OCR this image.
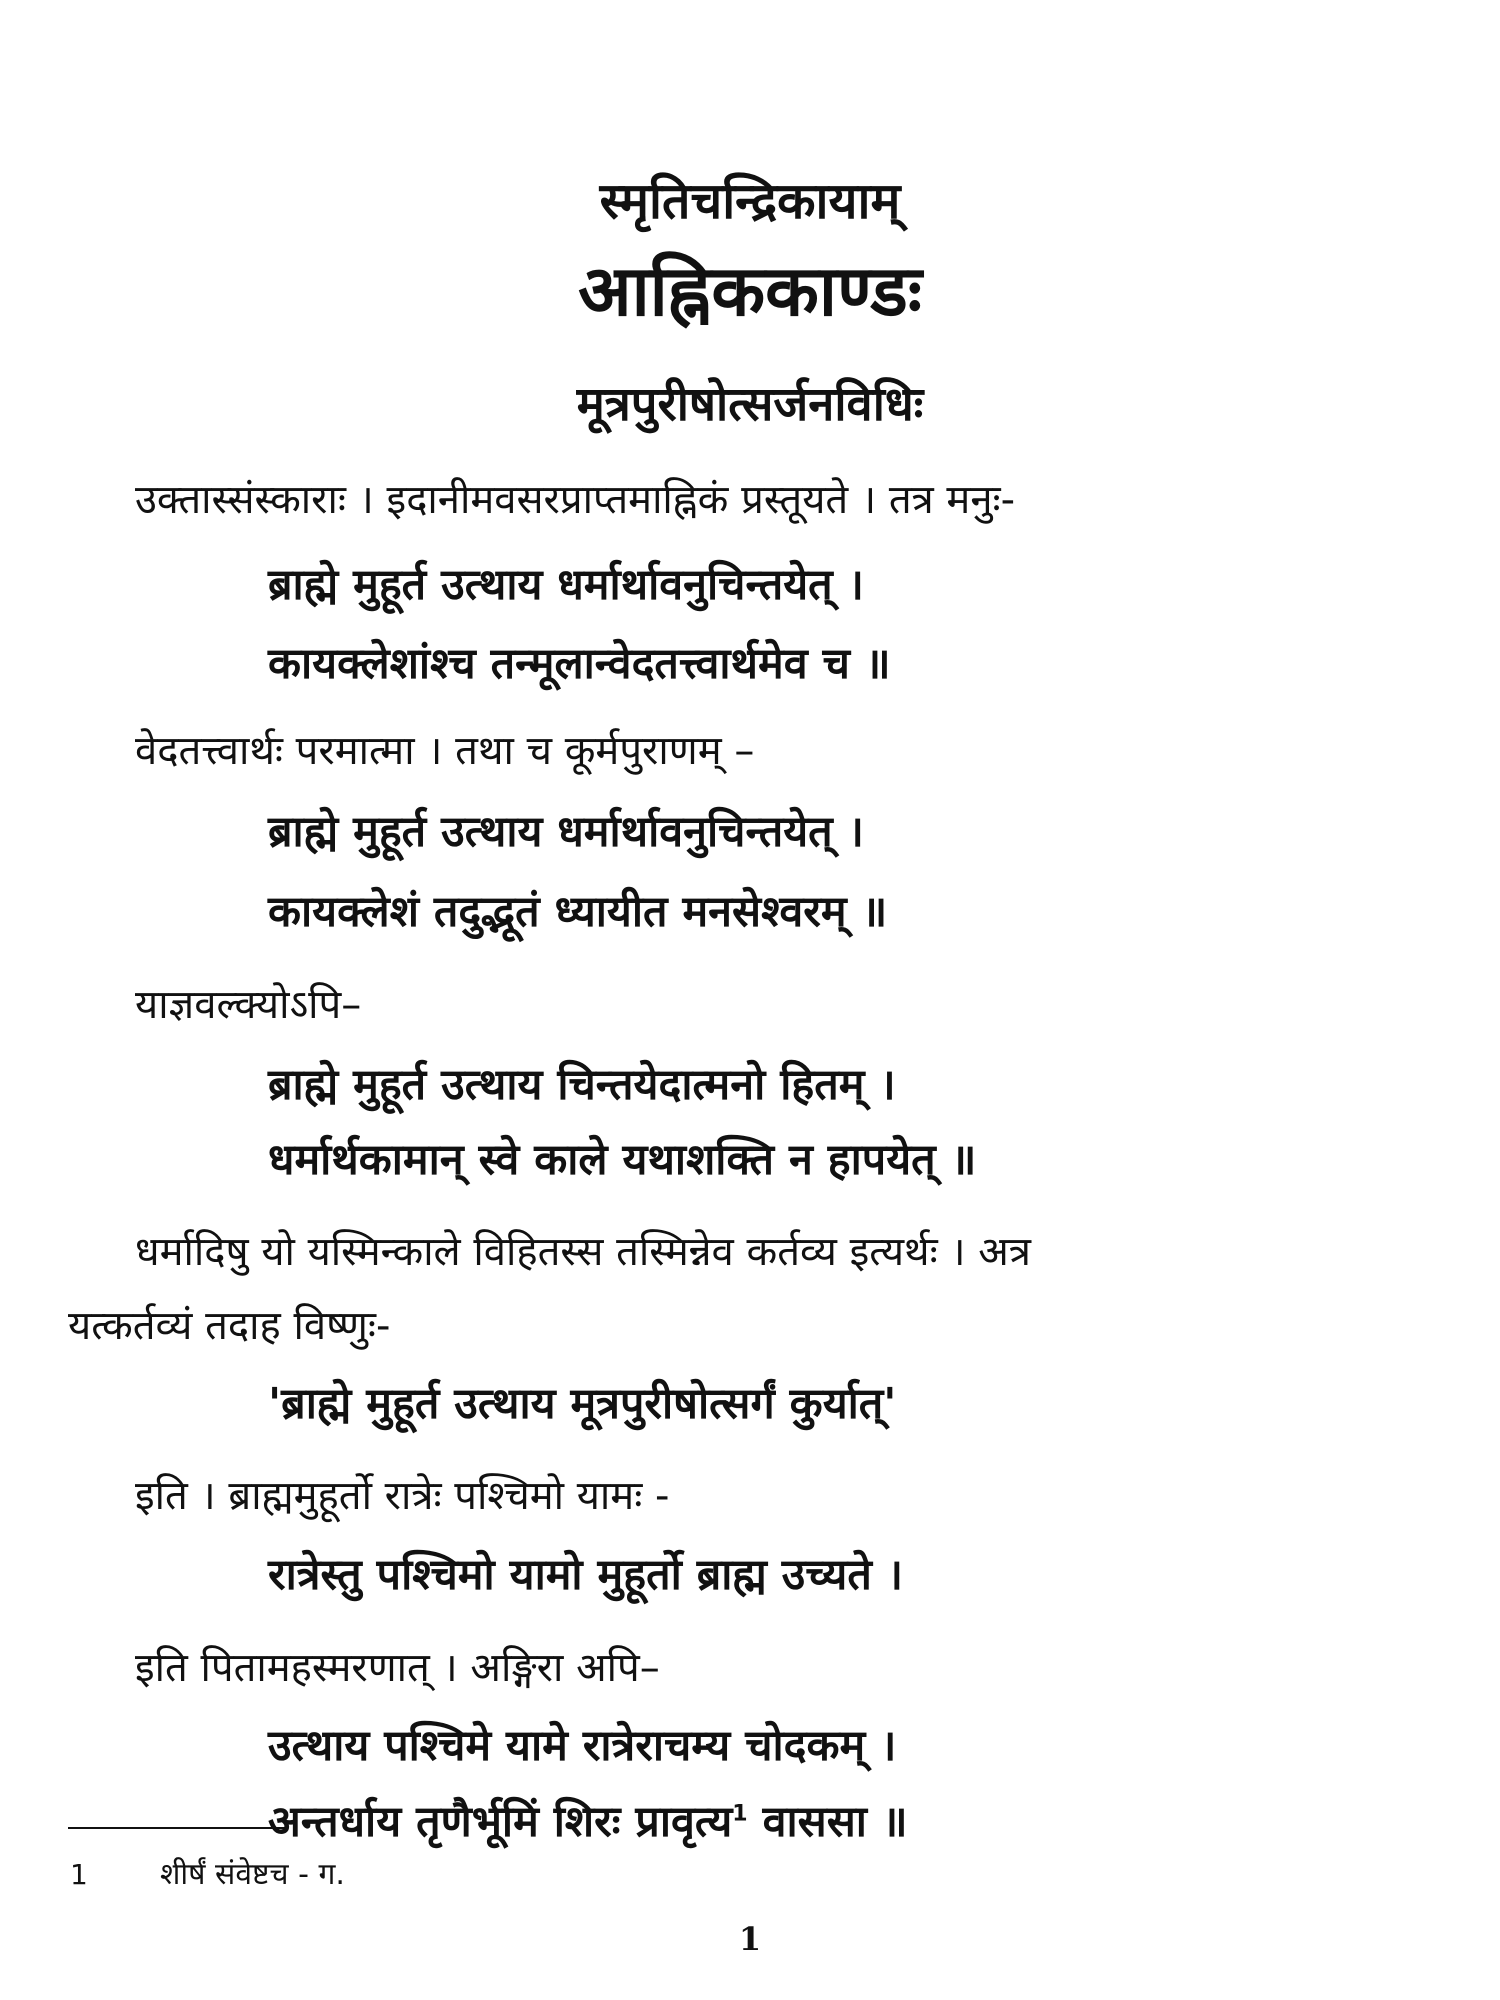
स्मृतिचन्द्रिकायाम्
आह्निककाण्डः
मूत्रपुरीषोत्सर्जनविधिः
उक्तास्संस्काराः । इदानीमवसरप्राप्तमाह्निकं प्रस्तूयते । तत्र मनुः-
ब्राह्मे मुहूर्त उत्थाय धर्मार्थावनुचिन्तयेत् ।
कायक्लेशांश्च तन्मूलान्वेदतत्त्वार्थमेव च ॥
वेदतत्त्वार्थः परमात्मा । तथा च कूर्मपुराणम् –
ब्राह्मे मुहूर्त उत्थाय धर्मार्थावनुचिन्तयेत् ।
कायक्लेशं तदुद्भूतं ध्यायीत मनसेश्वरम् ॥
याज्ञवल्क्योऽपि–
ब्राह्मे मुहूर्त उत्थाय चिन्तयेदात्मनो हितम् ।
धर्मार्थकामान् स्वे काले यथाशक्ति न हापयेत् ॥
धर्मादिषु यो यस्मिन्काले विहितस्स तस्मिन्नेव कर्तव्य इत्यर्थः । अत्र
यत्कर्तव्यं तदाह विष्णुः-
'ब्राह्मे मुहूर्त उत्थाय मूत्रपुरीषोत्सर्गं कुर्यात्'
इति । ब्राह्ममुहूर्तो रात्रेः पश्चिमो यामः -
रात्रेस्तु पश्चिमो यामो मुहूर्तो ब्राह्म उच्यते ।
इति पितामहस्मरणात् । अङ्गिरा अपि–
उत्थाय पश्चिमे यामे रात्रेराचम्य चोदकम् ।
अन्तर्धाय तृणैर्भूमिं शिरः प्रावृत्य$^1$ वाससा ॥
1 शीर्षं संवेष्टच - ग.
1
